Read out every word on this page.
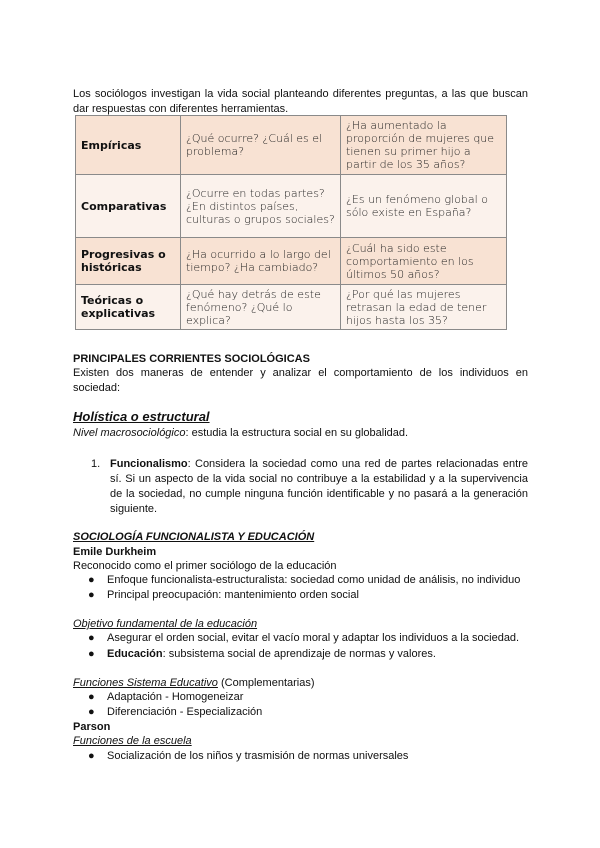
Los sociólogos investigan la vida social planteando diferentes preguntas, a las que buscan dar respuestas con diferentes herramientas.

Empíricas	¿Qué ocurre? ¿Cuál es el problema?	¿Ha aumentado la proporción de mujeres que tienen su primer hijo a partir de los 35 años?
Comparativas	¿Ocurre en todas partes? ¿En distintos países, culturas o grupos sociales?	¿Es un fenómeno global o sólo existe en España?
Progresivas o históricas	¿Ha ocurrido a lo largo del tiempo? ¿Ha cambiado?	¿Cuál ha sido este comportamiento en los últimos 50 años?
Teóricas o explicativas	¿Qué hay detrás de este fenómeno? ¿Qué lo explica?	¿Por qué las mujeres retrasan la edad de tener hijos hasta los 35?
PRINCIPALES CORRIENTES SOCIOLÓGICAS

Existen dos maneras de entender y analizar el comportamiento de los individuos en sociedad:

Holística o estructural
Nivel macrosociológico: estudia la estructura social en su globalidad.
1. Funcionalismo: Considera la sociedad como una red de partes relacionadas entre sí. Si un aspecto de la vida social no contribuye a la estabilidad y a la supervivencia de la sociedad, no cumple ninguna función identificable y no pasará a la generación siguiente.

SOCIOLOGÍA FUNCIONALISTA Y EDUCACIÓN
Emile Durkheim
Reconocido como el primer sociólogo de la educación
● Enfoque funcionalista-estructuralista: sociedad como unidad de análisis, no individuo
● Principal preocupación: mantenimiento orden social
Objetivo fundamental de la educación
● Asegurar el orden social, evitar el vacío moral y adaptar los individuos a la sociedad.
● Educación: subsistema social de aprendizaje de normas y valores.
Funciones Sistema Educativo (Complementarias)
● Adaptación - Homogeneizar
● Diferenciación - Especialización
Parson
Funciones de la escuela
● Socialización de los niños y trasmisión de normas universales
